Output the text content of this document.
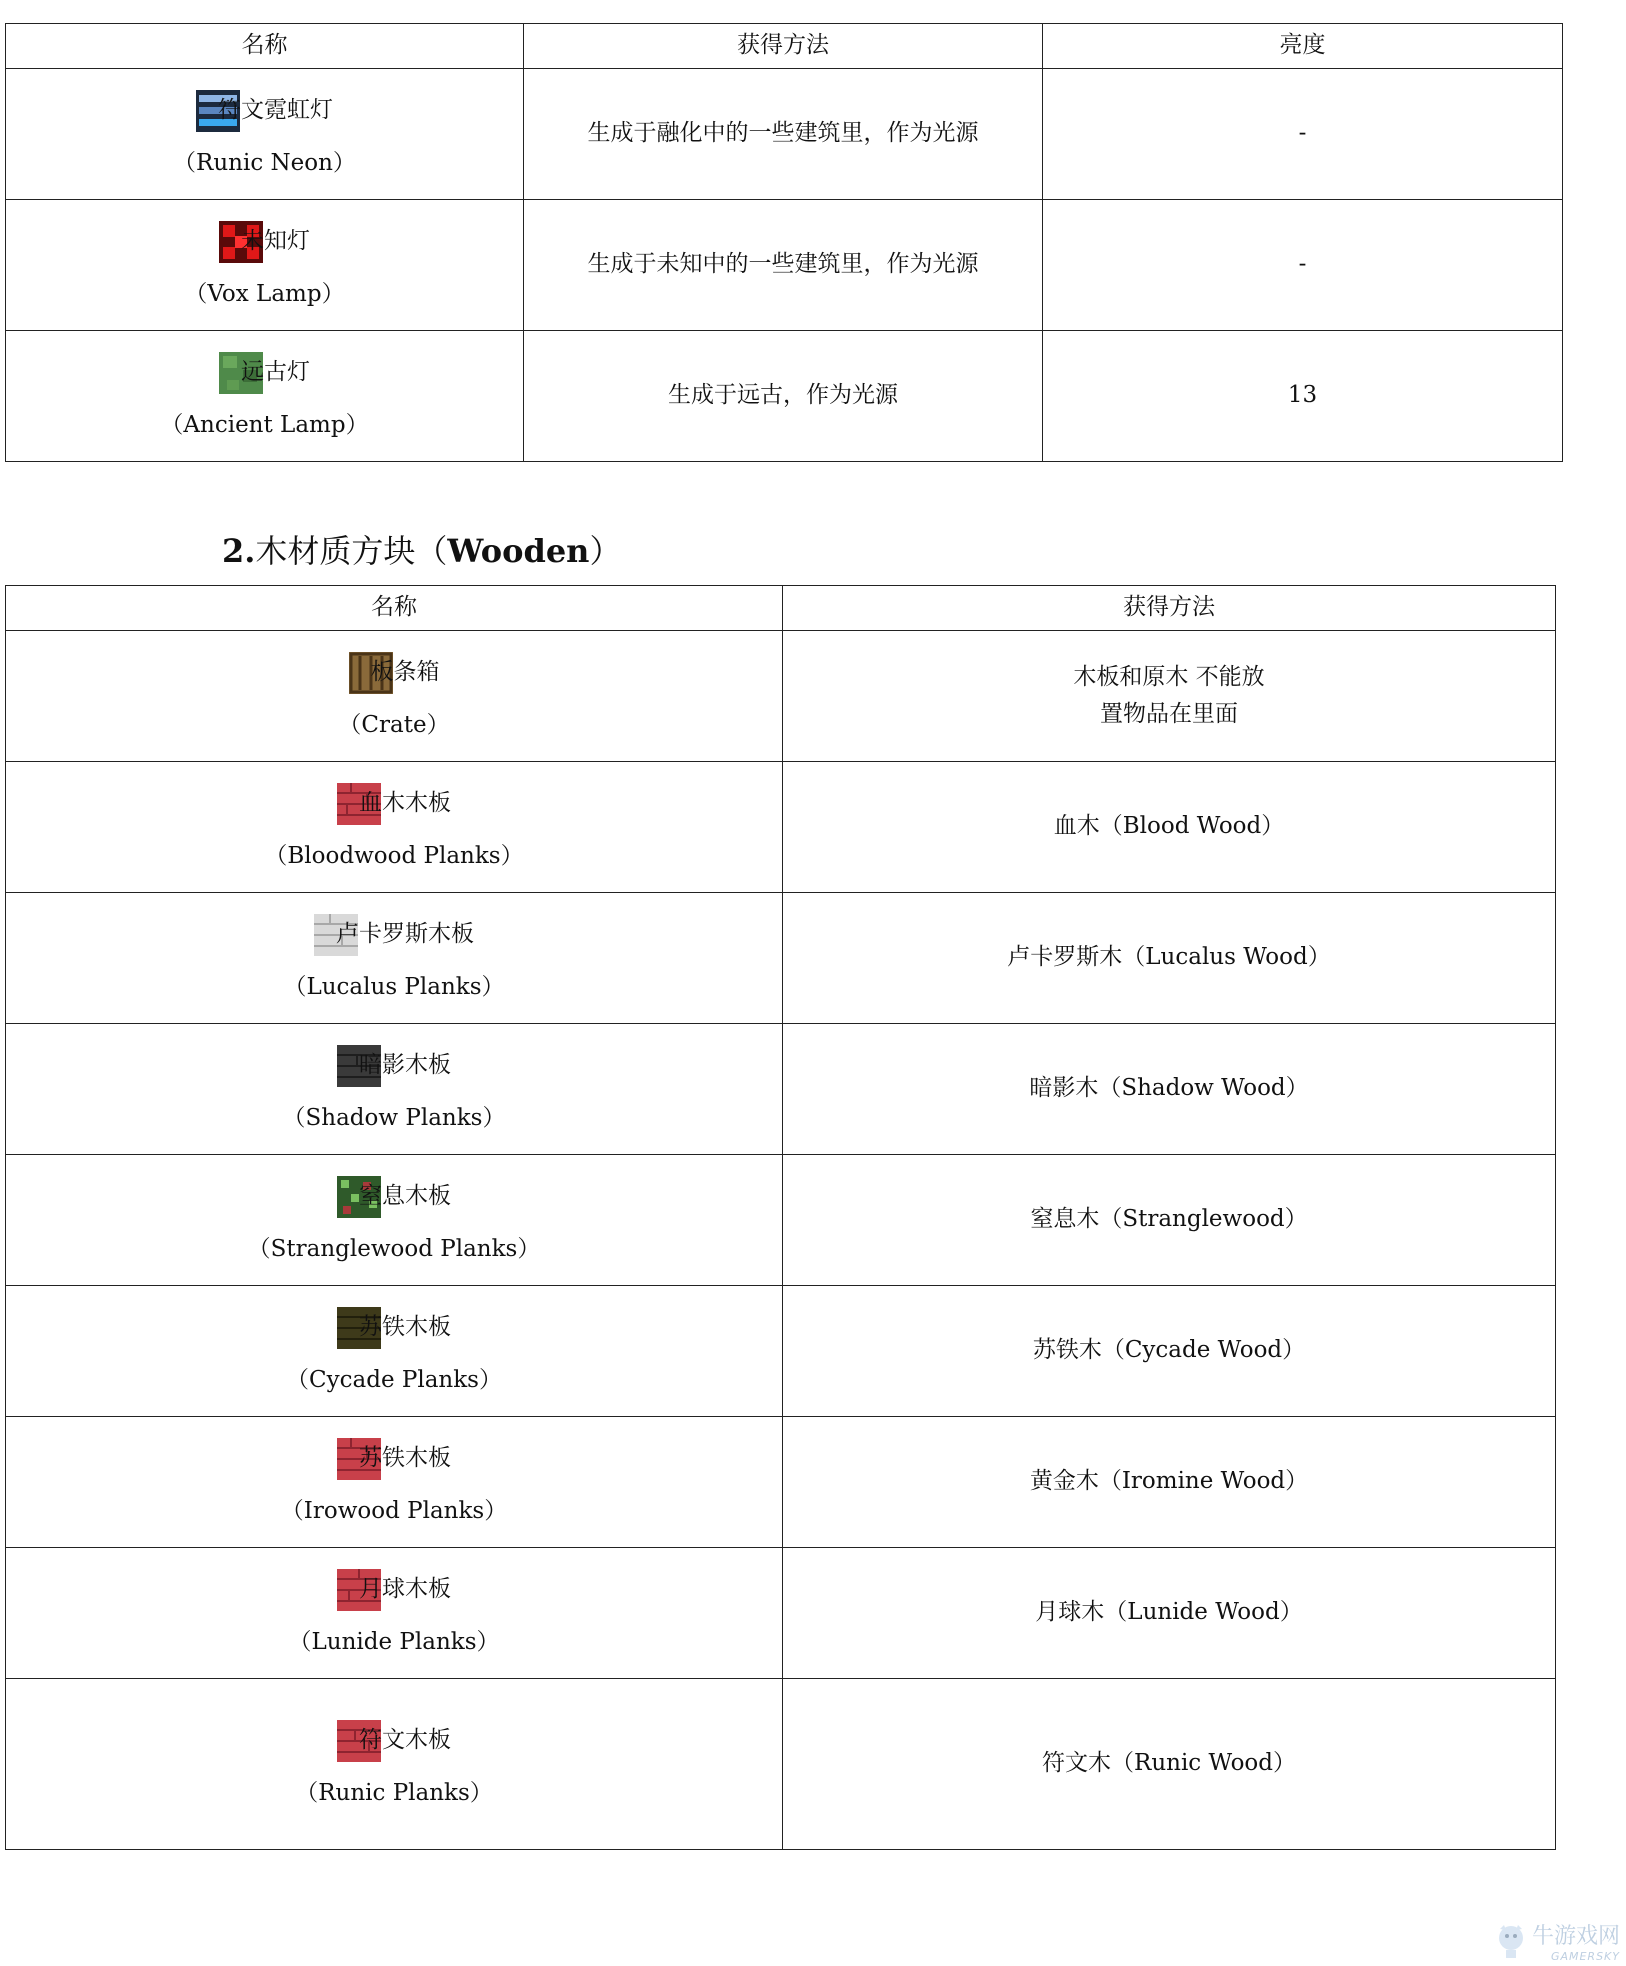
名称	获得方法	亮度

符文霓虹灯
（Runic Neon）	生成于融化中的一些建筑里，作为光源	-

未知灯
（Vox Lamp）	生成于未知中的一些建筑里，作为光源	-

远古灯
（Ancient Lamp）	生成于远古，作为光源	13
2.木材质方块（Wooden）
名称	获得方法

板条箱
（Crate）	木板和原木 不能放
置物品在里面

血木木板
（Bloodwood Planks）	血木（Blood Wood）

卢卡罗斯木板
（Lucalus Planks）	卢卡罗斯木（Lucalus Wood）

暗影木板
（Shadow Planks）	暗影木（Shadow Wood）

窒息木板
（Stranglewood Planks）	窒息木（Stranglewood）

苏铁木板
（Cycade Planks）	苏铁木（Cycade Wood）

苏铁木板
（Irowood Planks）	黄金木（Iromine Wood）

月球木板
（Lunide Planks）	月球木（Lunide Wood）

符文木板
（Runic Planks）	符文木（Runic Wood）
牛游戏网
GAMERSKY
